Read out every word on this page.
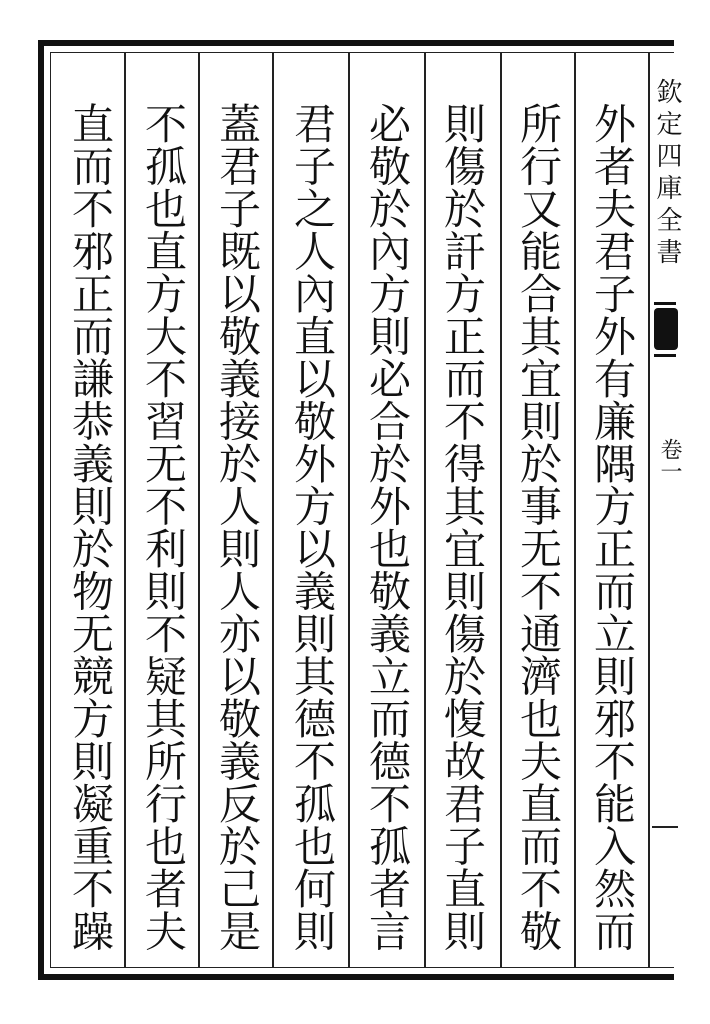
外者夫君子外有廉隅方正而立則邪不能入然而
所行又能合其宜則於事无不通濟也夫直而不敬
則傷於訐方正而不得其宜則傷於愎故君子直則
必敬於內方則必合於外也敬義立而德不孤者言
君子之人內直以敬外方以義則其德不孤也何則
蓋君子既以敬義接於人則人亦以敬義反於己是
不孤也直方大不習无不利則不疑其所行也者夫
直而不邪正而謙恭義則於物无競方則凝重不躁	欽定四庫全書
卷一
